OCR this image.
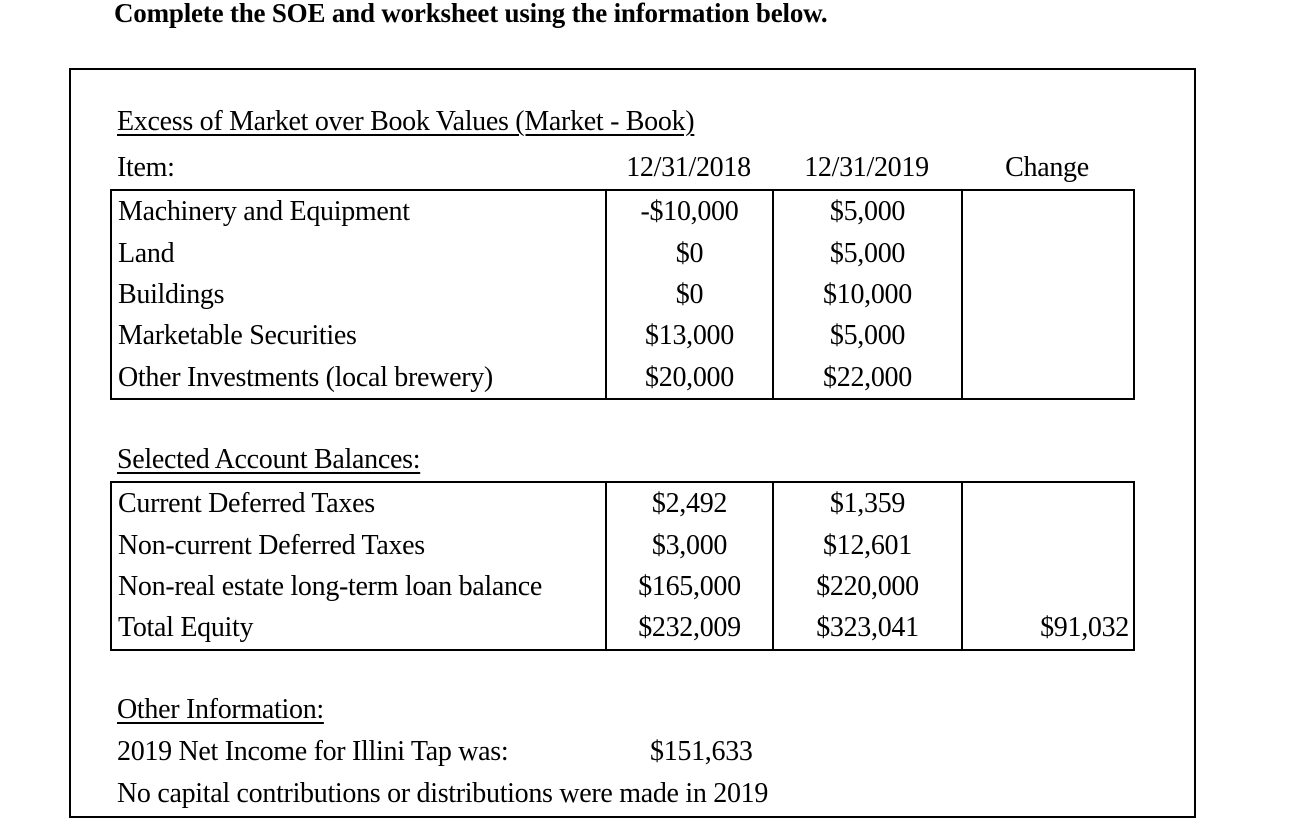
Complete the SOE and worksheet using the information below.
Excess of Market over Book Values (Market - Book)
Item:	12/31/2018	12/31/2019	Change
Machinery and Equipment	-$10,000	$5,000	
Land	$0	$5,000	
Buildings	$0	$10,000	
Marketable Securities	$13,000	$5,000	
Other Investments (local brewery)	$20,000	$22,000	
Selected Account Balances:
Current Deferred Taxes	$2,492	$1,359	
Non-current Deferred Taxes	$3,000	$12,601	
Non-real estate long-term loan balance	$165,000	$220,000	
Total Equity	$232,009	$323,041	$91,032
Other Information:
2019 Net Income for Illini Tap was:	$151,633
No capital contributions or distributions were made in 2019
